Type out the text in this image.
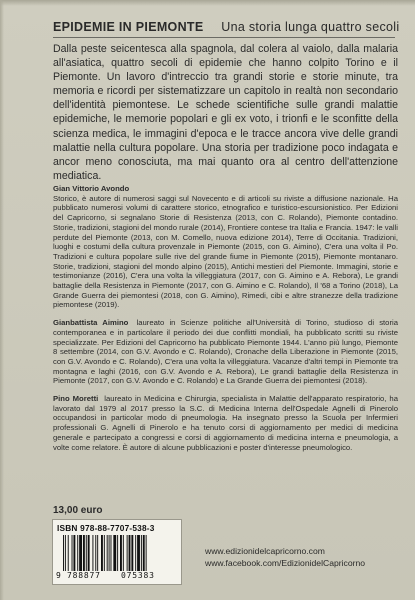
EPIDEMIE IN PIEMONTE Una storia lunga quattro secoli

Dalla peste seicentesca alla spagnola, dal colera al vaiolo, dalla malaria all'asiatica, quattro secoli di epidemie che hanno colpito Torino e il Piemonte. Un lavoro d'intreccio tra grandi storie e storie minute, tra memoria e ricordi per sistematizzare un capitolo in realtà non secondario dell'identità piemontese. Le schede scientifiche sulle grandi malattie epidemiche, le memorie popolari e gli ex voto, i trionfi e le sconfitte della scienza medica, le immagini d'epoca e le tracce ancora vive delle grandi malattie nella cultura popolare. Una storia per tradizione poco indagata e ancor meno conosciuta, ma mai quanto ora al centro dell'attenzione mediatica.

Gian Vittorio Avondo
Storico, è autore di numerosi saggi sul Novecento e di articoli su riviste a diffusione nazionale. Ha pubblicato numerosi volumi di carattere storico, etnografico e turistico-escursionistico. Per Edizioni del Capricorno, si segnalano Storie di Resistenza (2013, con C. Rolando), Piemonte contadino. Storie, tradizioni, stagioni del mondo rurale (2014), Frontiere contese tra Italia e Francia. 1947: le valli perdute del Piemonte (2013, con M. Comello, nuova edizione 2014), Terre di Occitania. Tradizioni, luoghi e costumi della cultura provenzale in Piemonte (2015, con G. Aimino), C'era una volta il Po. Tradizioni e cultura popolare sulle rive del grande fiume in Piemonte (2015), Piemonte montanaro. Storie, tradizioni, stagioni del mondo alpino (2015), Antichi mestieri del Piemonte. Immagini, storie e testimonianze (2016), C'era una volta la villeggiatura (2017, con G. Aimino e A. Rebora), Le grandi battaglie della Resistenza in Piemonte (2017, con G. Aimino e C. Rolando), Il '68 a Torino (2018), La Grande Guerra dei piemontesi (2018, con G. Aimino), Rimedi, cibi e altre stranezze della tradizione piemontese (2019).

Gianbattista Aimino laureato in Scienze politiche all'Università di Torino, studioso di storia contemporanea e in particolare il periodo dei due conflitti mondiali, ha pubblicato scritti su riviste specializzate. Per Edizioni del Capricorno ha pubblicato Piemonte 1944. L'anno più lungo, Piemonte 8 settembre (2014, con G.V. Avondo e C. Rolando), Cronache della Liberazione in Piemonte (2015, con G.V. Avondo e C. Rolando), C'era una volta la villeggiatura. Vacanze d'altri tempi in Piemonte tra montagna e laghi (2016, con G.V. Avondo e A. Rebora), Le grandi battaglie della Resistenza in Piemonte (2017, con G.V. Avondo e C. Rolando) e La Grande Guerra dei piemontesi (2018).

Pino Moretti laureato in Medicina e Chirurgia, specialista in Malattie dell'apparato respiratorio, ha lavorato dal 1979 al 2017 presso la S.C. di Medicina Interna dell'Ospedale Agnelli di Pinerolo occupandosi in particolar modo di pneumologia. Ha insegnato presso la Scuola per Infermieri professionali G. Agnelli di Pinerolo e ha tenuto corsi di aggiornamento per medici di medicina generale e partecipato a congressi e corsi di aggiornamento di medicina interna e pneumologia, a volte come relatore. È autore di alcune pubblicazioni e poster d'interesse pneumologico.

13,00 euro
ISBN 978-88-7707-538-3
9 788877	075383
www.edizionidelcapricorno.com
www.facebook.com/EdizionidelCapricorno
